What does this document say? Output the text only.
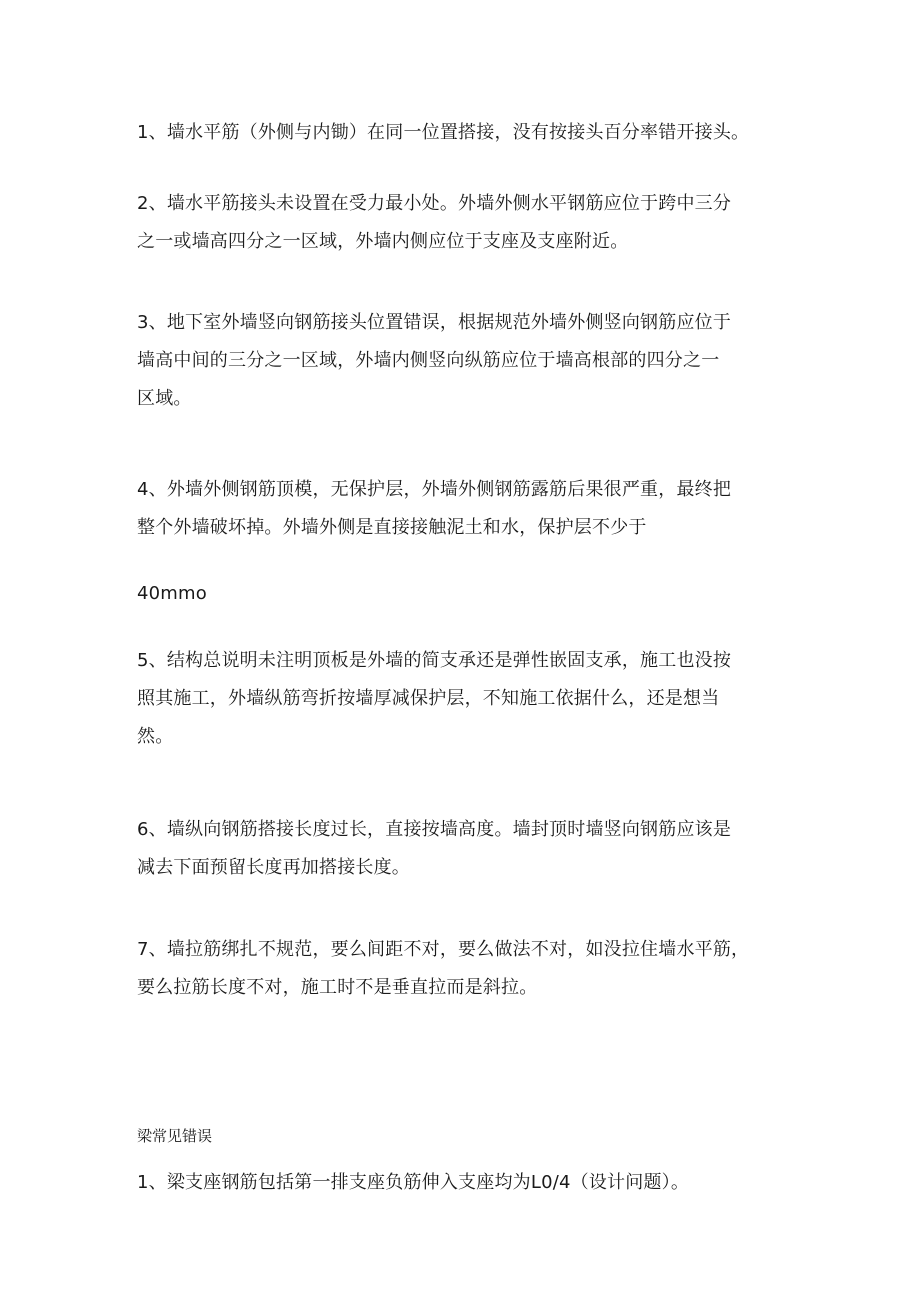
1、墙水平筋（外侧与内锄）在同一位置搭接，没有按接头百分率错开接头。

2、墙水平筋接头未设置在受力最小处。外墙外侧水平钢筋应位于跨中三分
之一或墙高四分之一区域，外墙内侧应位于支座及支座附近。

3、地下室外墙竖向钢筋接头位置错误，根据规范外墙外侧竖向钢筋应位于
墙高中间的三分之一区域，外墙内侧竖向纵筋应位于墙高根部的四分之一
区域。

4、外墙外侧钢筋顶模，无保护层，外墙外侧钢筋露筋后果很严重，最终把
整个外墙破坏掉。外墙外侧是直接接触泥土和水，保护层不少于

40mmo

5、结构总说明未注明顶板是外墙的简支承还是弹性嵌固支承，施工也没按
照其施工，外墙纵筋弯折按墙厚减保护层，不知施工依据什么，还是想当
然。

6、墙纵向钢筋搭接长度过长，直接按墙高度。墙封顶时墙竖向钢筋应该是
减去下面预留长度再加搭接长度。

7、墙拉筋绑扎不规范，要么间距不对，要么做法不对，如没拉住墙水平筋，
要么拉筋长度不对，施工时不是垂直拉而是斜拉。

梁常见错误

1、梁支座钢筋包括第一排支座负筋伸入支座均为L0/4（设计问题）。
